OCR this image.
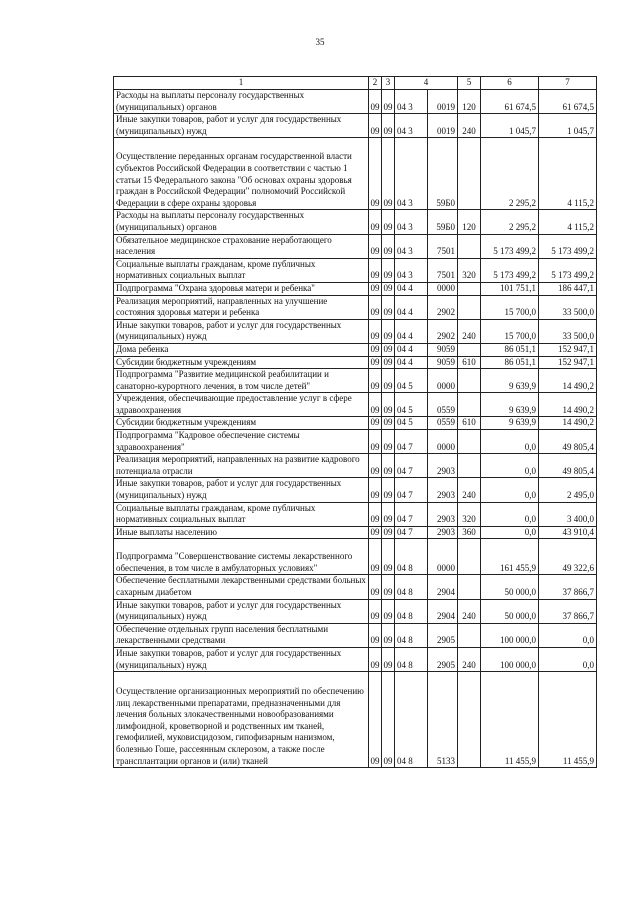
35
1	2	3	4		5	6	7
Расходы на выплаты персоналу государственных (муниципальных) органов	09	09	04 3	0019	120	61 674,5	61 674,5
Иные закупки товаров, работ и услуг для государственных (муниципальных) нужд	09	09	04 3	0019	240	1 045,7	1 045,7
Осуществление переданных органам государственной власти субъектов Российской Федерации в соответствии с частью 1 статьи 15 Федерального закона "Об основах охраны здоровья граждан в Российской Федерации" полномочий Российской Федерации в сфере охраны здоровья	09	09	04 3	59Б0		2 295,2	4 115,2
Расходы на выплаты персоналу государственных (муниципальных) органов	09	09	04 3	59Б0	120	2 295,2	4 115,2
Обязательное медицинское страхование неработающего населения	09	09	04 3	7501		5 173 499,2	5 173 499,2
Социальные выплаты гражданам, кроме публичных нормативных социальных выплат	09	09	04 3	7501	320	5 173 499,2	5 173 499,2
Подпрограмма "Охрана здоровья матери и ребенка"	09	09	04 4	0000		101 751,1	186 447,1
Реализация мероприятий, направленных на улучшение состояния здоровья матери и ребенка	09	09	04 4	2902		15 700,0	33 500,0
Иные закупки товаров, работ и услуг для государственных (муниципальных) нужд	09	09	04 4	2902	240	15 700,0	33 500,0
Дома ребенка	09	09	04 4	9059		86 051,1	152 947,1
Субсидии бюджетным учреждениям	09	09	04 4	9059	610	86 051,1	152 947,1
Подпрограмма "Развитие медицинской реабилитации и санаторно-курортного лечения, в том числе детей"	09	09	04 5	0000		9 639,9	14 490,2
Учреждения, обеспечивающие предоставление услуг в сфере здравоохранения	09	09	04 5	0559		9 639,9	14 490,2
Субсидии бюджетным учреждениям	09	09	04 5	0559	610	9 639,9	14 490,2
Подпрограмма "Кадровое обеспечение системы здравоохранения"	09	09	04 7	0000		0,0	49 805,4
Реализация мероприятий, направленных на развитие кадрового потенциала отрасли	09	09	04 7	2903		0,0	49 805,4
Иные закупки товаров, работ и услуг для государственных (муниципальных) нужд	09	09	04 7	2903	240	0,0	2 495,0
Социальные выплаты гражданам, кроме публичных нормативных социальных выплат	09	09	04 7	2903	320	0,0	3 400,0
Иные выплаты населению	09	09	04 7	2903	360	0,0	43 910,4
Подпрограмма "Совершенствование системы лекарственного обеспечения, в том числе в амбулаторных условиях"	09	09	04 8	0000		161 455,9	49 322,6
Обеспечение бесплатными лекарственными средствами больных сахарным диабетом	09	09	04 8	2904		50 000,0	37 866,7
Иные закупки товаров, работ и услуг для государственных (муниципальных) нужд	09	09	04 8	2904	240	50 000,0	37 866,7
Обеспечение отдельных групп населения бесплатными лекарственными средствами	09	09	04 8	2905		100 000,0	0,0
Иные закупки товаров, работ и услуг для государственных (муниципальных) нужд	09	09	04 8	2905	240	100 000,0	0,0
Осуществление организационных мероприятий по обеспечению лиц лекарственными препаратами, предназначенными для лечения больных злокачественными новообразованиями лимфоидной, кроветворной и родственных им тканей, гемофилией, муковисцидозом, гипофизарным нанизмом, болезнью Гоше, рассеянным склерозом, а также после трансплантации органов и (или) тканей	09	09	04 8	5133		11 455,9	11 455,9
